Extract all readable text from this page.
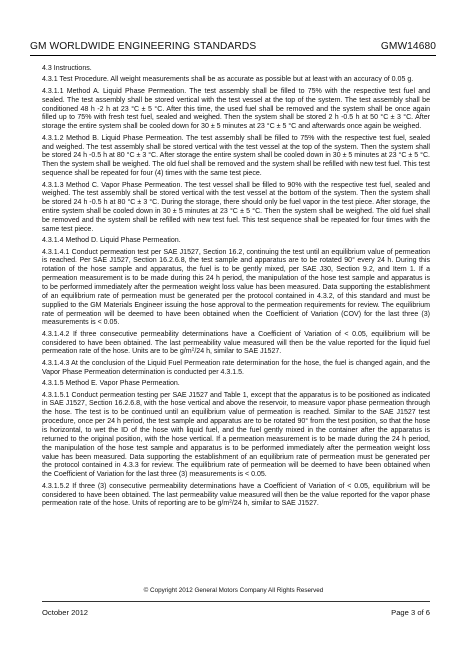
GM WORLDWIDE ENGINEERING STANDARDS	GMW14680

4.3 Instructions.

4.3.1 Test Procedure. All weight measurements shall be as accurate as possible but at least with an accuracy of 0.05 g.

4.3.1.1 Method A. Liquid Phase Permeation. The test assembly shall be filled to 75% with the respective test fuel and sealed. The test assembly shall be stored vertical with the test vessel at the top of the system. The test assembly shall be conditioned 48 h -2 h at 23 °C ± 5 °C. After this time, the used fuel shall be removed and the system shall be once again filled up to 75% with fresh test fuel, sealed and weighed. Then the system shall be stored 2 h -0.5 h at 50 °C ± 3 °C. After storage the entire system shall be cooled down for 30 ± 5 minutes at 23 °C ± 5 °C and afterwards once again be weighed.

4.3.1.2 Method B. Liquid Phase Permeation. The test assembly shall be filled to 75% with the respective test fuel, sealed and weighed. The test assembly shall be stored vertical with the test vessel at the top of the system. Then the system shall be stored 24 h -0.5 h at 80 °C ± 3 °C. After storage the entire system shall be cooled down in 30 ± 5 minutes at 23 °C ± 5 °C. Then the system shall be weighed. The old fuel shall be removed and the system shall be refilled with new test fuel. This test sequence shall be repeated for four (4) times with the same test piece.

4.3.1.3 Method C. Vapor Phase Permeation. The test vessel shall be filled to 90% with the respective test fuel, sealed and weighed. The test assembly shall be stored vertical with the test vessel at the bottom of the system. Then the system shall be stored 24 h -0.5 h at 80 °C ± 3 °C. During the storage, there should only be fuel vapor in the test piece. After storage, the entire system shall be cooled down in 30 ± 5 minutes at 23 °C ± 5 °C. Then the system shall be weighed. The old fuel shall be removed and the system shall be refilled with new test fuel. This test sequence shall be repeated for four times with the same test piece.

4.3.1.4 Method D. Liquid Phase Permeation.

4.3.1.4.1 Conduct permeation test per SAE J1527, Section 16.2, continuing the test until an equilibrium value of permeation is reached. Per SAE J1527, Section 16.2.6.8, the test sample and apparatus are to be rotated 90° every 24 h. During this rotation of the hose sample and apparatus, the fuel is to be gently mixed, per SAE J30, Section 9.2, and Item 1. If a permeation measurement is to be made during this 24 h period, the manipulation of the hose test sample and apparatus is to be performed immediately after the permeation weight loss value has been measured. Data supporting the establishment of an equilibrium rate of permeation must be generated per the protocol contained in 4.3.2, of this standard and must be supplied to the GM Materials Engineer issuing the hose approval to the permeation requirements for review. The equilibrium rate of permeation will be deemed to have been obtained when the Coefficient of Variation (COV) for the last three (3) measurements is < 0.05.

4.3.1.4.2 If three consecutive permeability determinations have a Coefficient of Variation of < 0.05, equilibrium will be considered to have been obtained. The last permeability value measured will then be the value reported for the liquid fuel permeation rate of the hose. Units are to be $g/m^2/24$ h, similar to SAE J1527.

4.3.1.4.3 At the conclusion of the Liquid Fuel Permeation rate determination for the hose, the fuel is changed again, and the Vapor Phase Permeation determination is conducted per 4.3.1.5.

4.3.1.5 Method E. Vapor Phase Permeation.

4.3.1.5.1 Conduct permeation testing per SAE J1527 and Table 1, except that the apparatus is to be positioned as indicated in SAE J1527, Section 16.2.6.8, with the hose vertical and above the reservoir, to measure vapor phase permeation through the hose. The test is to be continued until an equilibrium value of permeation is reached. Similar to the SAE J1527 test procedure, once per 24 h period, the test sample and apparatus are to be rotated 90° from the test position, so that the hose is horizontal, to wet the ID of the hose with liquid fuel, and the fuel gently mixed in the container after the apparatus is returned to the original position, with the hose vertical. If a permeation measurement is to be made during the 24 h period, the manipulation of the hose test sample and apparatus is to be performed immediately after the permeation weight loss value has been measured. Data supporting the establishment of an equilibrium rate of permeation must be generated per the protocol contained in 4.3.3 for review. The equilibrium rate of permeation will be deemed to have been obtained when the Coefficient of Variation for the last three (3) measurements is < 0.05.

4.3.1.5.2 If three (3) consecutive permeability determinations have a Coefficient of Variation of < 0.05, equilibrium will be considered to have been obtained. The last permeability value measured will then be the value reported for the vapor phase permeation rate of the hose. Units of reporting are to be $g/m^2/24$ h, similar to SAE J1527.

© Copyright 2012 General Motors Company All Rights Reserved
October 2012	Page 3 of 6
